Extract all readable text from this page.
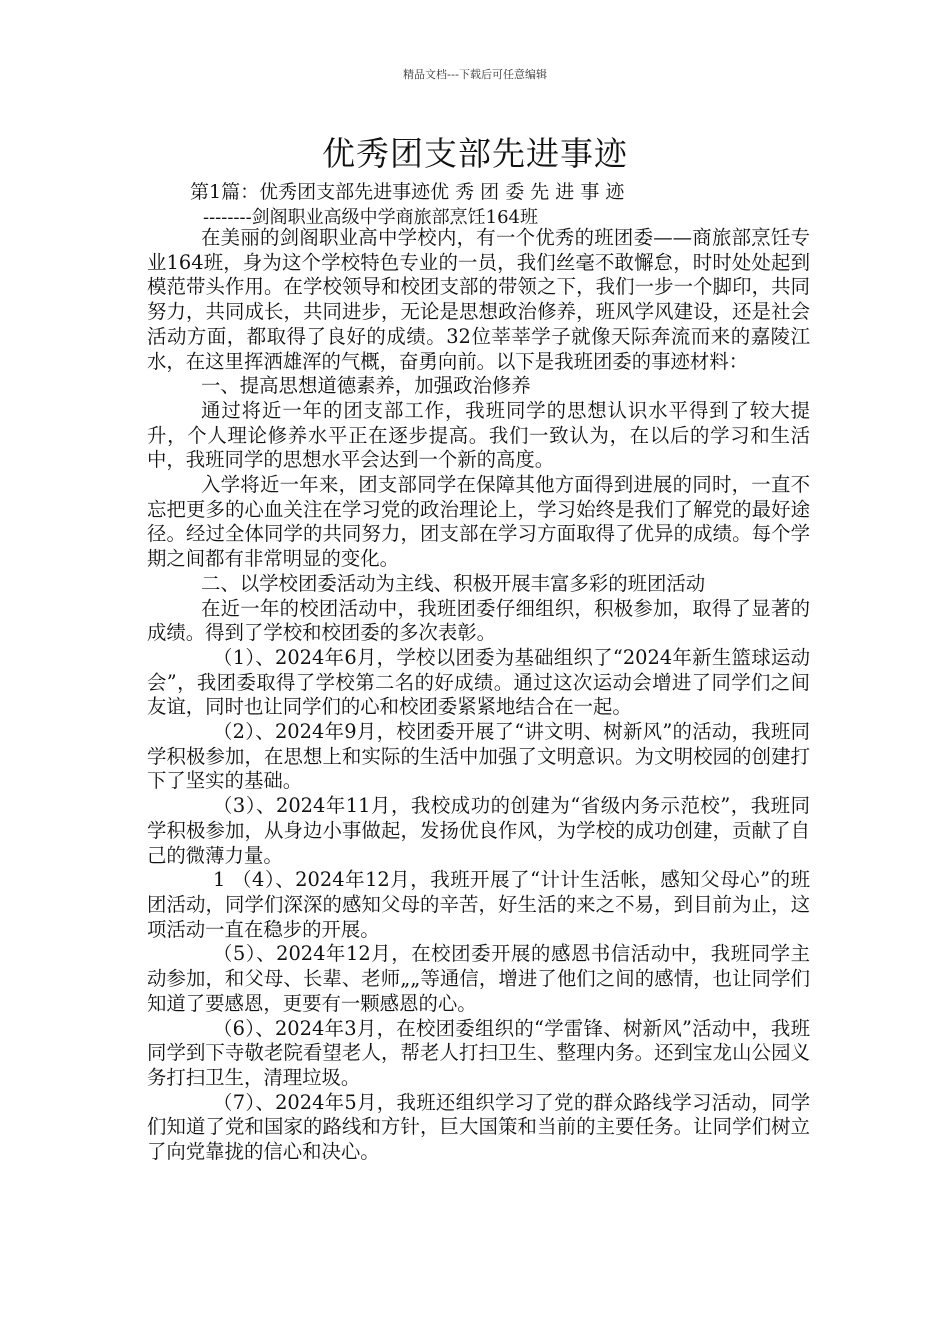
精品文档---下载后可任意编辑
优秀团支部先进事迹
第1篇：优秀团支部先进事迹优 秀 团 委 先 进 事 迹
--------剑阁职业高级中学商旅部烹饪164班

在美丽的剑阁职业高中学校内，有一个优秀的班团委——商旅部烹饪专业164班，身为这个学校特色专业的一员，我们丝毫不敢懈怠，时时处处起到模范带头作用。在学校领导和校团支部的带领之下，我们一步一个脚印，共同努力，共同成长，共同进步，无论是思想政治修养，班风学风建设，还是社会活动方面，都取得了良好的成绩。32位莘莘学子就像天际奔流而来的嘉陵江水，在这里挥洒雄浑的气概，奋勇向前。以下是我班团委的事迹材料：

一、提高思想道德素养，加强政治修养

通过将近一年的团支部工作，我班同学的思想认识水平得到了较大提升，个人理论修养水平正在逐步提高。我们一致认为，在以后的学习和生活中，我班同学的思想水平会达到一个新的高度。

入学将近一年来，团支部同学在保障其他方面得到进展的同时，一直不忘把更多的心血关注在学习党的政治理论上，学习始终是我们了解党的最好途径。经过全体同学的共同努力，团支部在学习方面取得了优异的成绩。每个学期之间都有非常明显的变化。

二、以学校团委活动为主线、积极开展丰富多彩的班团活动

在近一年的校团活动中，我班团委仔细组织，积极参加，取得了显著的成绩。得到了学校和校团委的多次表彰。

（1）、2024年6月，学校以团委为基础组织了“2024年新生篮球运动会”，我团委取得了学校第二名的好成绩。通过这次运动会增进了同学们之间友谊，同时也让同学们的心和校团委紧紧地结合在一起。

（2）、2024年9月，校团委开展了“讲文明、树新风”的活动，我班同学积极参加，在思想上和实际的生活中加强了文明意识。为文明校园的创建打下了坚实的基础。

（3）、2024年11月，我校成功的创建为“省级内务示范校”，我班同学积极参加，从身边小事做起，发扬优良作风，为学校的成功创建，贡献了自己的微薄力量。

1 （4）、2024年12月，我班开展了“计计生活帐，感知父母心”的班团活动，同学们深深的感知父母的辛苦，好生活的来之不易，到目前为止，这项活动一直在稳步的开展。

（5）、2024年12月，在校团委开展的感恩书信活动中，我班同学主动参加，和父母、长辈、老师„„等通信，增进了他们之间的感情，也让同学们知道了要感恩，更要有一颗感恩的心。

（6）、2024年3月，在校团委组织的“学雷锋、树新风”活动中，我班同学到下寺敬老院看望老人，帮老人打扫卫生、整理内务。还到宝龙山公园义务打扫卫生，清理垃圾。

（7）、2024年5月，我班还组织学习了党的群众路线学习活动，同学们知道了党和国家的路线和方针，巨大国策和当前的主要任务。让同学们树立了向党靠拢的信心和决心。
